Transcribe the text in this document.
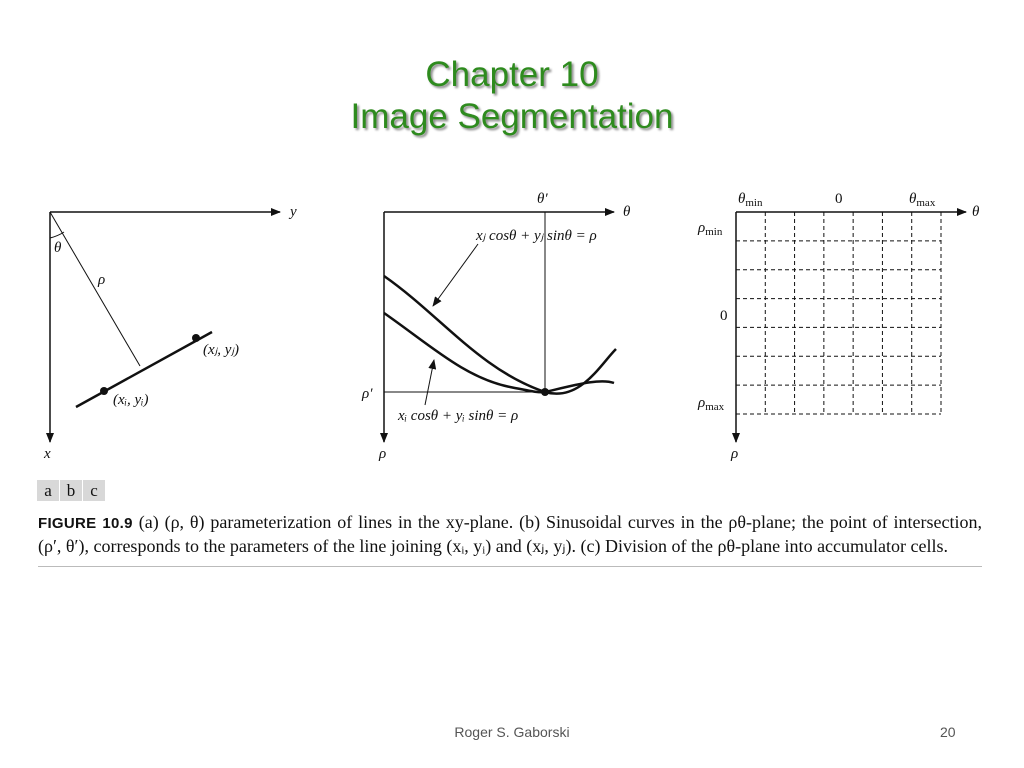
Chapter 10
Image Segmentation
y
x
θ
ρ
(xⱼ, yⱼ)
(xᵢ, yᵢ)
θ
ρ
θ′
ρ′
xⱼ cosθ + yⱼ sinθ = ρ
xᵢ cosθ + yᵢ sinθ = ρ
θ
ρ
$\theta_{min}$	0	$\theta_{max}$
$\rho_{min}$
0
$\rho_{max}$
a b c
FIGURE 10.9 (a) (ρ, θ) parameterization of lines in the xy-plane. (b) Sinusoidal curves in the ρθ-plane; the point of intersection, (ρ′, θ′), corresponds to the parameters of the line joining (xᵢ, yᵢ) and (xⱼ, yⱼ). (c) Division of the ρθ-plane into accumulator cells.
Roger S. Gaborski	20
